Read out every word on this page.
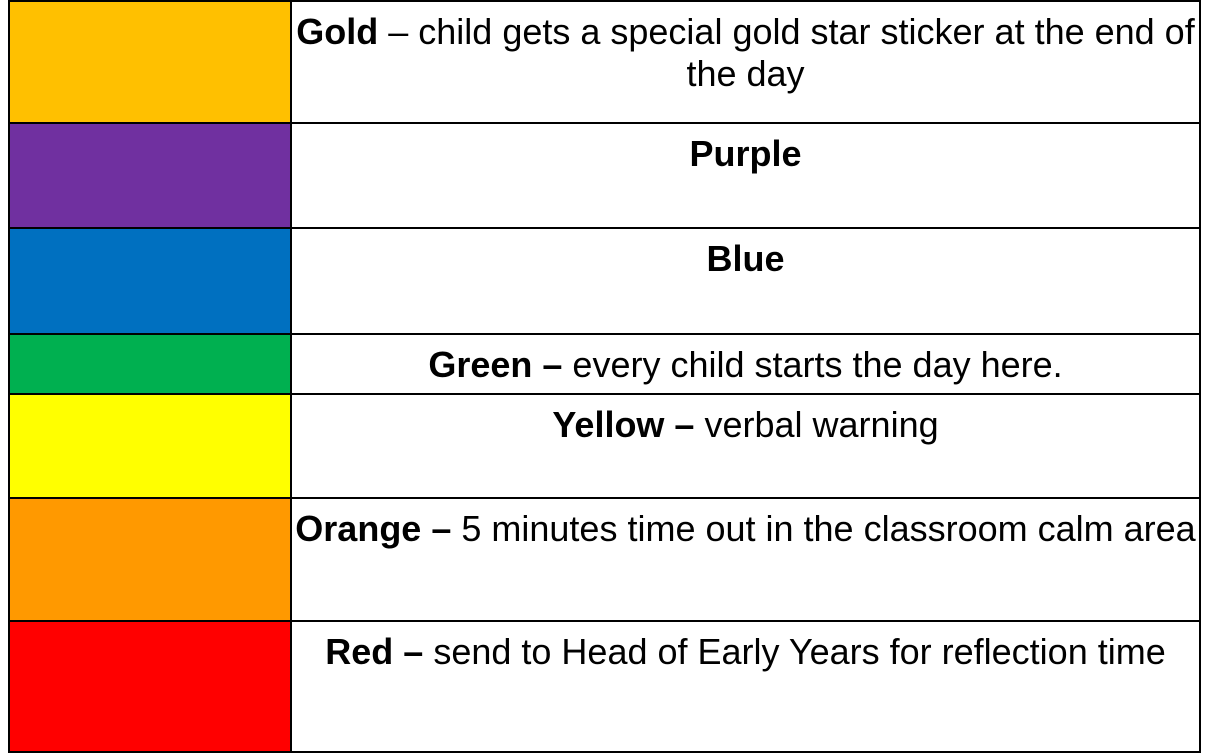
	Gold – child gets a special gold star sticker at the end of the day
	Purple
	Blue
	Green – every child starts the day here.
	Yellow – verbal warning
	Orange – 5 minutes time out in the classroom calm area
	Red – send to Head of Early Years for reflection time
